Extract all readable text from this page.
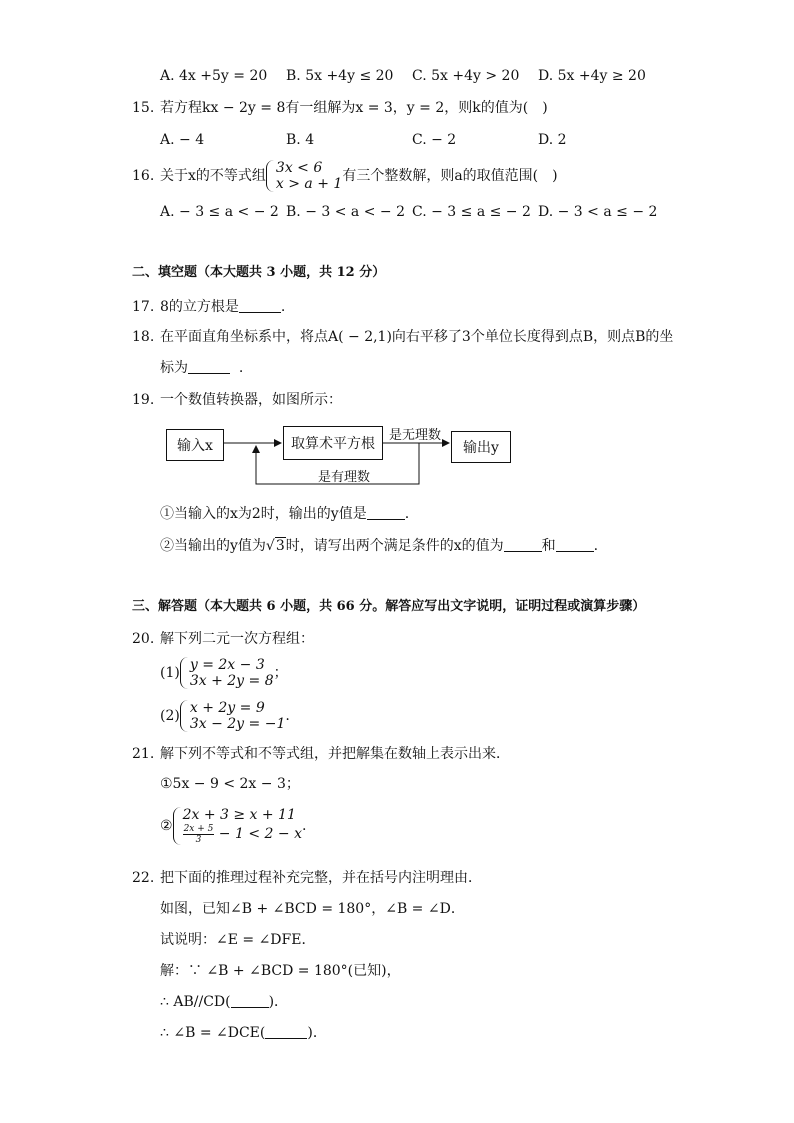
A. 4x +5y = 20 B. 5x +4y ≤ 20 C. 5x +4y > 20 D. 5x +4y ≥ 20
15. 若方程kx − 2y = 8有一组解为x = 3，y = 2，则k的值为(　)
A. − 4	B. 4	C. − 2	D. 2
16. 关于x的不等式组 3x < 6
x > a + 1 有三个整数解，则a的取值范围(　)
A. − 3 ≤ a < − 2 B. − 3 < a < − 2 C. − 3 ≤ a ≤ − 2 D. − 3 < a ≤ − 2
二、填空题（本大题共 3 小题，共 12 分）
17. 8的立方根是	.
18. 在平面直角坐标系中，将点A( − 2,1)向右平移了3个单位长度得到点B，则点B的坐
标为	.
19. 一个数值转换器，如图所示：
输入x	取算术平方根	输出y
是无理数
是有理数
①当输入的x为2时，输出的y值是	.
②当输出的y值为√3时，请写出两个满足条件的x的值为	和	.
三、解答题（本大题共 6 小题，共 66 分。解答应写出文字说明，证明过程或演算步骤）
20. 解下列二元一次方程组：
(1) y = 2x − 3
3x + 2y = 8 ；
(2) x + 2y = 9
3x − 2y = −1 .
21. 解下列不等式和不等式组，并把解集在数轴上表示出来．
①5x − 9 < 2x − 3；
②
2x + 3 ≥ x + 11
$\frac{2x + 5}{3} - 1 < 2 - x$ .
22. 把下面的推理过程补充完整，并在括号内注明理由．
如图，已知∠B + ∠BCD = 180°，∠B = ∠D．
试说明：∠E = ∠DFE．
解：∵ ∠B + ∠BCD = 180°(已知)，
∴ AB//CD(	)．
∴ ∠B = ∠DCE(	)．
